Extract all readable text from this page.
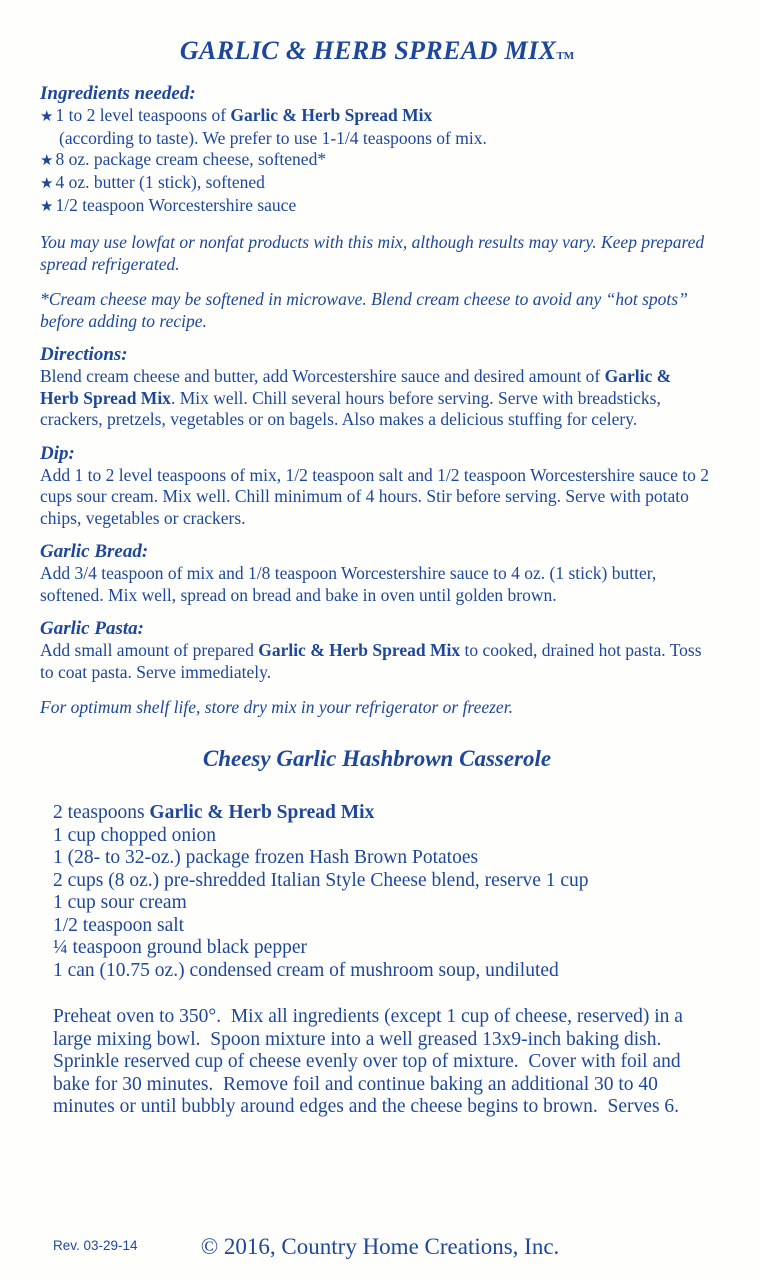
GARLIC & HERB SPREAD MIXTM
Ingredients needed:
★1 to 2 level teaspoons of Garlic & Herb Spread Mix
(according to taste). We prefer to use 1-1/4 teaspoons of mix.
★8 oz. package cream cheese, softened*
★4 oz. butter (1 stick), softened
★1/2 teaspoon Worcestershire sauce
You may use lowfat or nonfat products with this mix, although results may vary. Keep prepared spread refrigerated.
*Cream cheese may be softened in microwave. Blend cream cheese to avoid any “hot spots” before adding to recipe.
Directions:
Blend cream cheese and butter, add Worcestershire sauce and desired amount of Garlic & Herb Spread Mix. Mix well. Chill several hours before serving. Serve with breadsticks, crackers, pretzels, vegetables or on bagels. Also makes a delicious stuffing for celery.
Dip:
Add 1 to 2 level teaspoons of mix, 1/2 teaspoon salt and 1/2 teaspoon Worcestershire sauce to 2 cups sour cream. Mix well. Chill minimum of 4 hours. Stir before serving. Serve with potato chips, vegetables or crackers.
Garlic Bread:
Add 3/4 teaspoon of mix and 1/8 teaspoon Worcestershire sauce to 4 oz. (1 stick) butter, softened. Mix well, spread on bread and bake in oven until golden brown.
Garlic Pasta:
Add small amount of prepared Garlic & Herb Spread Mix to cooked, drained hot pasta. Toss to coat pasta. Serve immediately.
For optimum shelf life, store dry mix in your refrigerator or freezer.
Cheesy Garlic Hashbrown Casserole
2 teaspoons Garlic & Herb Spread Mix
1 cup chopped onion
1 (28- to 32-oz.) package frozen Hash Brown Potatoes
2 cups (8 oz.) pre-shredded Italian Style Cheese blend, reserve 1 cup
1 cup sour cream
1/2 teaspoon salt
¼ teaspoon ground black pepper
1 can (10.75 oz.) condensed cream of mushroom soup, undiluted
Preheat oven to 350°.  Mix all ingredients (except 1 cup of cheese, reserved) in a large mixing bowl.  Spoon mixture into a well greased 13x9-inch baking dish.  Sprinkle reserved cup of cheese evenly over top of mixture.  Cover with foil and bake for 30 minutes.  Remove foil and continue baking an additional 30 to 40 minutes or until bubbly around edges and the cheese begins to brown.  Serves 6.
Rev. 03-29-14	© 2016, Country Home Creations, Inc.
